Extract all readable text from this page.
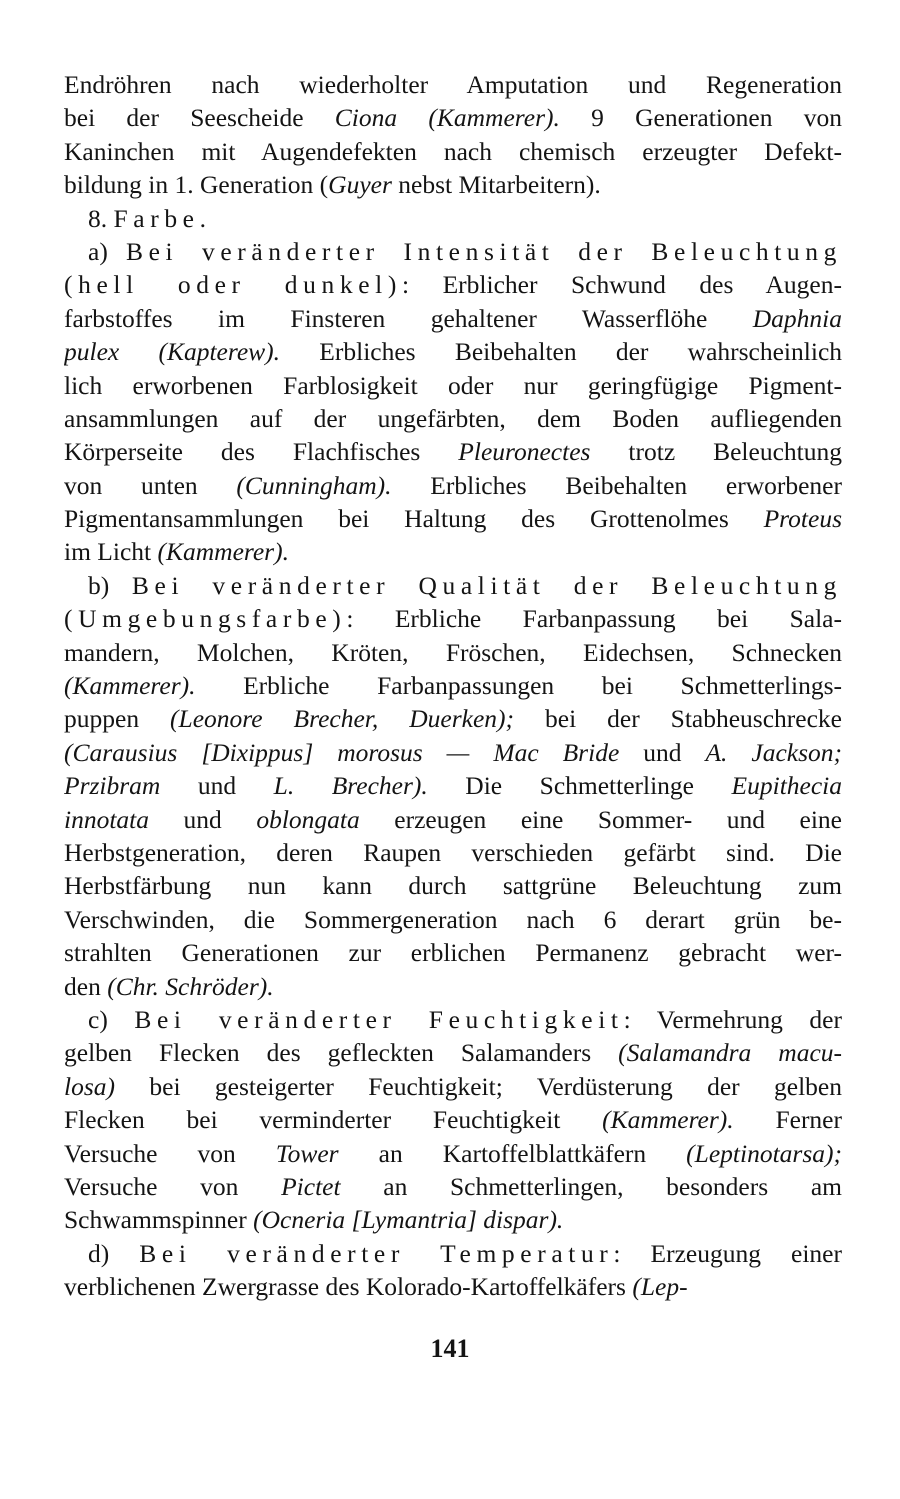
Endröhren nach wiederholter Amputation und Regeneration
bei der Seescheide Ciona (Kammerer). 9 Generationen von
Kaninchen mit Augendefekten nach chemisch erzeugter Defekt-
bildung in 1. Generation (Guyer nebst Mitarbeitern).
8. Farbe.
a) Bei veränderter Intensität der Beleuchtung
(hell oder dunkel): Erblicher Schwund des Augen-
farbstoffes im Finsteren gehaltener Wasserflöhe Daphnia
pulex (Kapterew). Erbliches Beibehalten der wahrscheinlich
lich erworbenen Farblosigkeit oder nur geringfügige Pigment-
ansammlungen auf der ungefärbten, dem Boden aufliegenden
Körperseite des Flachfisches Pleuronectes trotz Beleuchtung
von unten (Cunningham). Erbliches Beibehalten erworbener
Pigmentansammlungen bei Haltung des Grottenolmes Proteus
im Licht (Kammerer).
b) Bei veränderter Qualität der Beleuchtung
(Umgebungsfarbe): Erbliche Farbanpassung bei Sala-
mandern, Molchen, Kröten, Fröschen, Eidechsen, Schnecken
(Kammerer). Erbliche Farbanpassungen bei Schmetterlings-
puppen (Leonore Brecher, Duerken); bei der Stabheuschrecke
(Carausius [Dixippus] morosus — Mac Bride und A. Jackson;
Przibram und L. Brecher). Die Schmetterlinge Eupithecia
innotata und oblongata erzeugen eine Sommer- und eine
Herbstgeneration, deren Raupen verschieden gefärbt sind. Die
Herbstfärbung nun kann durch sattgrüne Beleuchtung zum
Verschwinden, die Sommergeneration nach 6 derart grün be-
strahlten Generationen zur erblichen Permanenz gebracht wer-
den (Chr. Schröder).
c) Bei veränderter Feuchtigkeit: Vermehrung der
gelben Flecken des gefleckten Salamanders (Salamandra macu-
losa) bei gesteigerter Feuchtigkeit; Verdüsterung der gelben
Flecken bei verminderter Feuchtigkeit (Kammerer). Ferner
Versuche von Tower an Kartoffelblattkäfern (Leptinotarsa);
Versuche von Pictet an Schmetterlingen, besonders am
Schwammspinner (Ocneria [Lymantria] dispar).
d) Bei veränderter Temperatur: Erzeugung einer
verblichenen Zwergrasse des Kolorado-Kartoffelkäfers (Lep-
141
